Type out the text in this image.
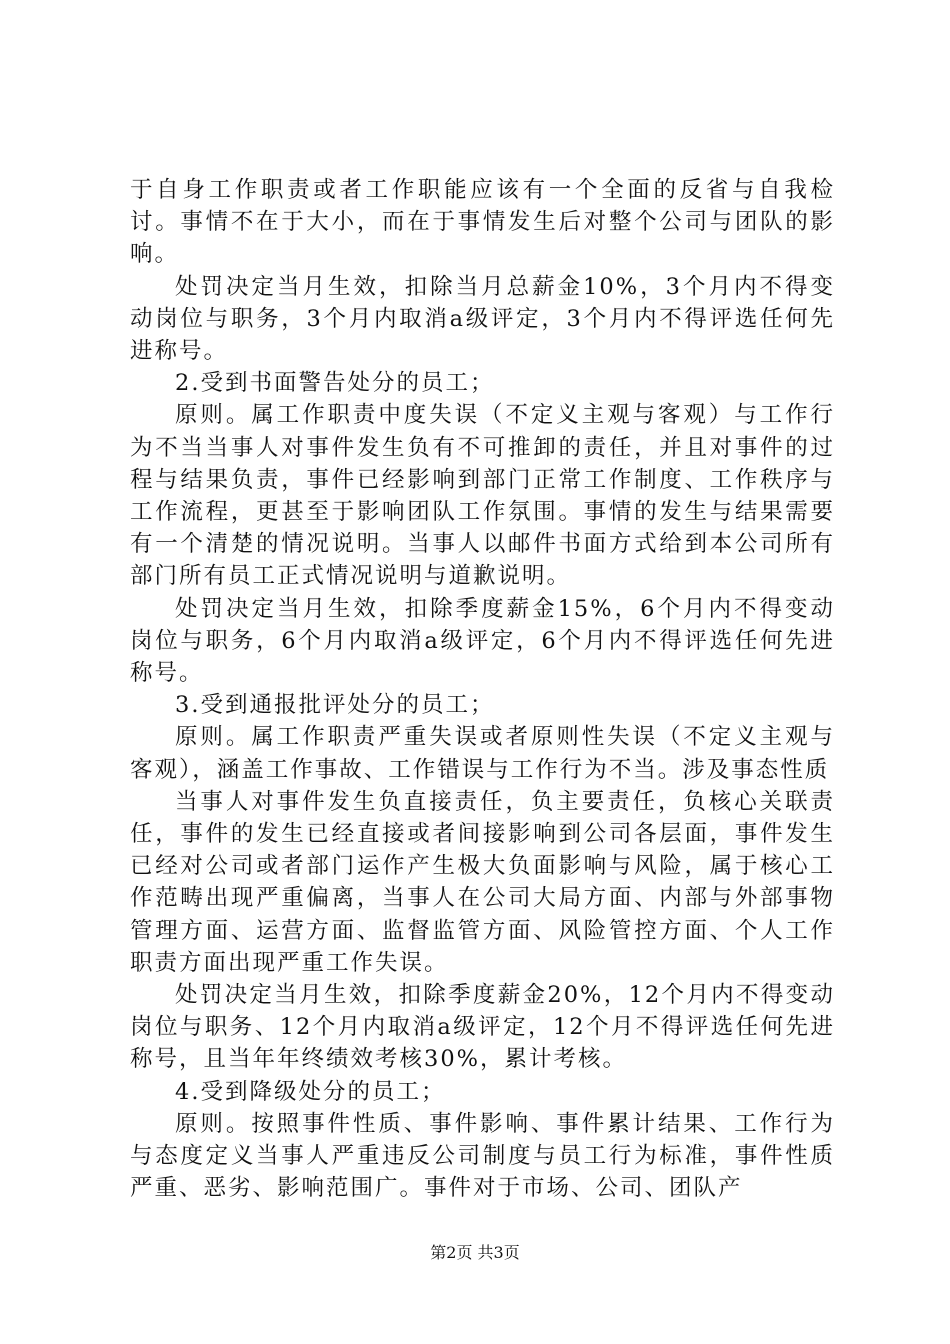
于自身工作职责或者工作职能应该有一个全面的反省与自我检讨。事情不在于大小，而在于事情发生后对整个公司与团队的影响。

处罚决定当月生效，扣除当月总薪金10%，3个月内不得变动岗位与职务，3个月内取消a级评定，3个月内不得评选任何先进称号。

2.受到书面警告处分的员工；

原则。属工作职责中度失误（不定义主观与客观）与工作行为不当当事人对事件发生负有不可推卸的责任，并且对事件的过程与结果负责，事件已经影响到部门正常工作制度、工作秩序与工作流程，更甚至于影响团队工作氛围。事情的发生与结果需要有一个清楚的情况说明。当事人以邮件书面方式给到本公司所有部门所有员工正式情况说明与道歉说明。

处罚决定当月生效，扣除季度薪金15%，6个月内不得变动岗位与职务，6个月内取消a级评定，6个月内不得评选任何先进称号。

3.受到通报批评处分的员工；

原则。属工作职责严重失误或者原则性失误（不定义主观与客观），涵盖工作事故、工作错误与工作行为不当。涉及事态性质

当事人对事件发生负直接责任，负主要责任，负核心关联责任，事件的发生已经直接或者间接影响到公司各层面，事件发生已经对公司或者部门运作产生极大负面影响与风险，属于核心工作范畴出现严重偏离，当事人在公司大局方面、内部与外部事物管理方面、运营方面、监督监管方面、风险管控方面、个人工作职责方面出现严重工作失误。

处罚决定当月生效，扣除季度薪金20%，12个月内不得变动岗位与职务、12个月内取消a级评定，12个月不得评选任何先进称号，且当年年终绩效考核30%，累计考核。

4.受到降级处分的员工；

原则。按照事件性质、事件影响、事件累计结果、工作行为与态度定义当事人严重违反公司制度与员工行为标准，事件性质严重、恶劣、影响范围广。事件对于市场、公司、团队产

第2页 共3页
